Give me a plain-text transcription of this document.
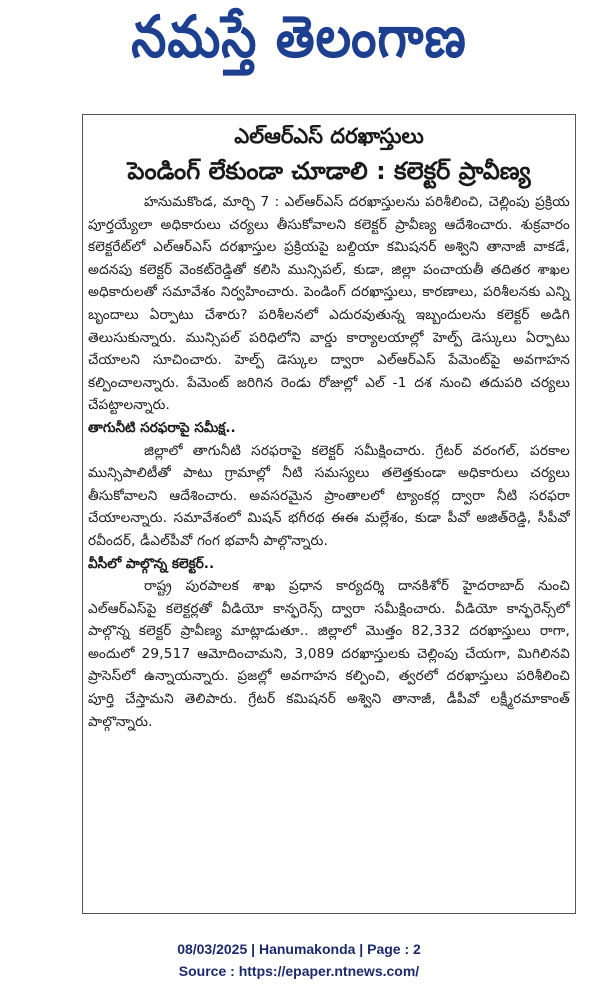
నమస్తే తెలంగాణ
ఎల్‌ఆర్‌ఎస్‌ దరఖాస్తులు
పెండింగ్‌ లేకుండా చూడాలి : కలెక్టర్‌ ప్రావీణ్య

హనుమకొండ, మార్చి 7 : ఎల్‌ఆర్‌ఎస్‌ దరఖాస్తులను పరిశీలించి, చెల్లింపు ప్రక్రియ పూర్తయ్యేలా అధికారులు చర్యలు తీసుకోవాలని కలెక్టర్‌ ప్రావీణ్య ఆదేశించారు. శుక్రవారం కలెక్టరేట్‌లో ఎల్‌ఆర్‌ఎస్‌ దరఖాస్తుల ప్రక్రియపై బల్దియా కమిషనర్‌ అశ్విని తానాజీ వాకడే, అదనపు కలెక్టర్‌ వెంకట్‌రెడ్డితో కలిసి మున్సిపల్‌, కుడా, జిల్లా పంచాయతీ తదితర శాఖల అధికారులతో సమావేశం నిర్వహించారు. పెండింగ్‌ దరఖాస్తులు, కారణాలు, పరిశీలనకు ఎన్ని బృందాలు ఏర్పాటు చేశారు? పరిశీలనలో ఎదురవుతున్న ఇబ్బందులను కలెక్టర్‌ అడిగి తెలుసుకున్నారు. మున్సిపల్‌ పరిధిలోని వార్డు కార్యాలయాల్లో హెల్ప్‌ డెస్కులు ఏర్పాటు చేయాలని సూచించారు. హెల్ప్‌ డెస్కుల ద్వారా ఎల్‌ఆర్‌ఎస్‌ పేమెంట్‌పై అవగాహన కల్పించాలన్నారు. పేమెంట్‌ జరిగిన రెండు రోజుల్లో ఎల్‌ -1 దశ నుంచి తదుపరి చర్యలు చేపట్టాలన్నారు.

తాగునీటి సరఫరాపై సమీక్ష..

జిల్లాలో తాగునీటి సరఫరాపై కలెక్టర్‌ సమీక్షించారు. గ్రేటర్‌ వరంగల్‌, పరకాల మున్సిపాలిటీతో పాటు గ్రామాల్లో నీటి సమస్యలు తలెత్తకుండా అధికారులు చర్యలు తీసుకోవాలని ఆదేశించారు. అవసరమైన ప్రాంతాలలో ట్యాంకర్ల ద్వారా నీటి సరఫరా చేయాలన్నారు. సమావేశంలో మిషన్‌ భగీరథ ఈఈ మల్లేశం, కుడా పీవో అజిత్‌రెడ్డి, సీపీవో రవీందర్‌, డీఎల్‌పీవో గంగ భవానీ పాల్గొన్నారు.

వీసీలో పాల్గొన్న కలెక్టర్‌..

రాష్ట్ర పురపాలక శాఖ ప్రధాన కార్యదర్శి దానకిశోర్‌ హైదరాబాద్‌ నుంచి ఎల్‌ఆర్‌ఎస్‌పై కలెక్టర్లతో వీడియో కాన్ఫరెన్స్‌ ద్వారా సమీక్షించారు. వీడియో కాన్ఫరెన్స్‌లో పాల్గొన్న కలెక్టర్‌ ప్రావీణ్య మాట్లాడుతూ.. జిల్లాలో మొత్తం 82,332 దరఖాస్తులు రాగా, అందులో 29,517 ఆమోదించామని, 3,089 దరఖాస్తులకు చెల్లింపు చేయగా, మిగిలినవి ప్రాసెస్‌లో ఉన్నాయన్నారు. ప్రజల్లో అవగాహన కల్పించి, త్వరలో దరఖాస్తులు పరిశీలించి పూర్తి చేస్తామని తెలిపారు. గ్రేటర్‌ కమిషనర్‌ అశ్విని తానాజీ, డీపీవో లక్ష్మీరమాకాంత్‌ పాల్గొన్నారు.

08/03/2025 | Hanumakonda | Page : 2
Source : https://epaper.ntnews.com/
